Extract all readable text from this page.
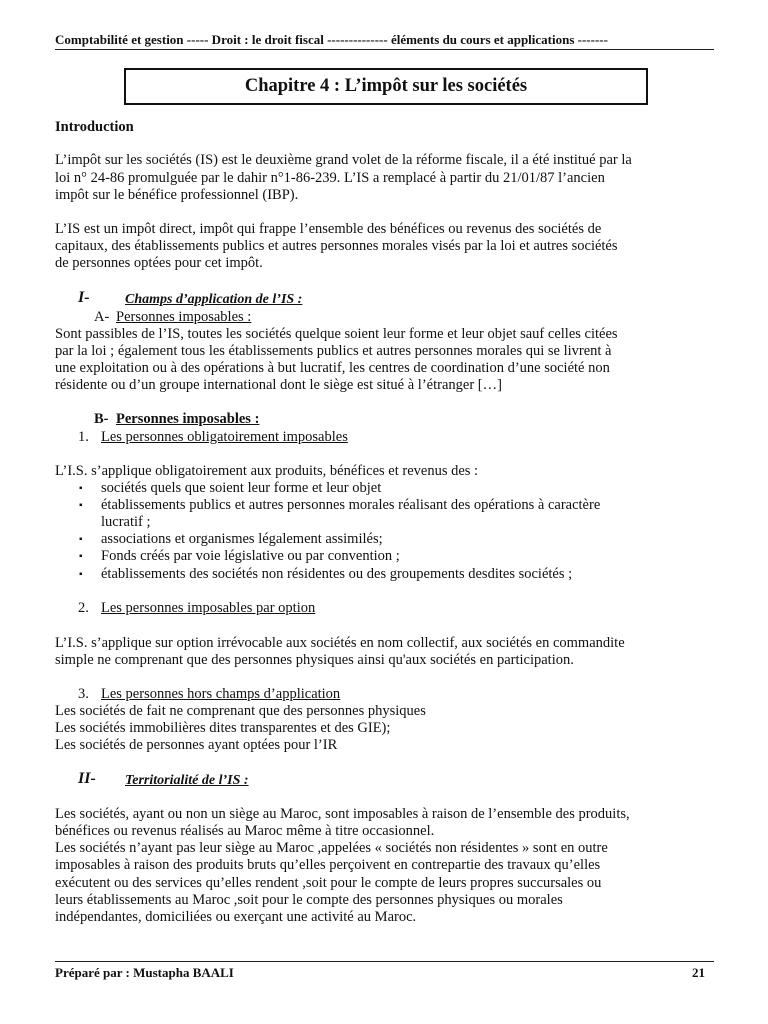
Comptabilité et gestion ----- Droit : le droit fiscal -------------- éléments du cours et applications -------
Chapitre 4 : L’impôt sur les sociétés
Introduction
L’impôt sur les sociétés (IS) est le deuxième grand volet de la réforme fiscale, il a été institué par la
loi n° 24-86 promulguée par le dahir n°1-86-239. L’IS a remplacé à partir du 21/01/87 l’ancien
impôt sur le bénéfice professionnel (IBP).
L’IS est un impôt direct, impôt qui frappe l’ensemble des bénéfices ou revenus des sociétés de
capitaux, des établissements publics et autres personnes morales visés par la loi et autres sociétés
de personnes optées pour cet impôt.
I-	Champs d’application de l’IS :
A- Personnes imposables :
Sont passibles de l’IS, toutes les sociétés quelque soient leur forme et leur objet sauf celles citées
par la loi ; également tous les établissements publics et autres personnes morales qui se livrent à
une exploitation ou à des opérations à but lucratif, les centres de coordination d’une société non
résidente ou d’un groupe international dont le siège est situé à l’étranger […]
B- Personnes imposables :
1. Les personnes obligatoirement imposables
L’I.S. s’applique obligatoirement aux produits, bénéfices et revenus des :
▪ sociétés quels que soient leur forme et leur objet
▪ établissements publics et autres personnes morales réalisant des opérations à caractère
lucratif ;
▪ associations et organismes légalement assimilés;
▪ Fonds créés par voie législative ou par convention ;
▪ établissements des sociétés non résidentes ou des groupements desdites sociétés ;
2. Les personnes imposables par option
L’I.S. s’applique sur option irrévocable aux sociétés en nom collectif, aux sociétés en commandite
simple ne comprenant que des personnes physiques ainsi qu'aux sociétés en participation.
3. Les personnes hors champs d’application
Les sociétés de fait ne comprenant que des personnes physiques
Les sociétés immobilières dites transparentes et des GIE);
Les sociétés de personnes ayant optées pour l’IR
II- Territorialité de l’IS :
Les sociétés, ayant ou non un siège au Maroc, sont imposables à raison de l’ensemble des produits,
bénéfices ou revenus réalisés au Maroc même à titre occasionnel.
Les sociétés n’ayant pas leur siège au Maroc ,appelées « sociétés non résidentes » sont en outre
imposables à raison des produits bruts qu’elles perçoivent en contrepartie des travaux qu’elles
exécutent ou des services qu’elles rendent ,soit pour le compte de leurs propres succursales ou
leurs établissements au Maroc ,soit pour le compte des personnes physiques ou morales
indépendantes, domiciliées ou exerçant une activité au Maroc.
Préparé par : Mustapha BAALI	21
